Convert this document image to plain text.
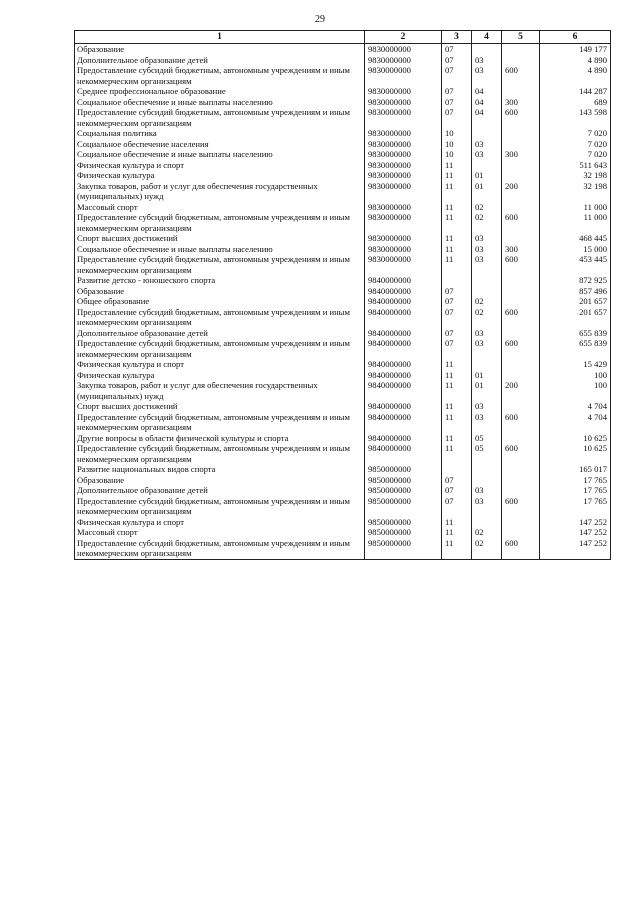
29
1	2	3	4	5	6
Образование	9830000000	07			149 177
Дополнительное образование детей	9830000000	07	03		4 890
Предоставление субсидий бюджетным, автономным учреждениям и иным некоммерческим организациям	9830000000	07	03	600	4 890
Среднее профессиональное образование	9830000000	07	04		144 287
Социальное обеспечение и иные выплаты населению	9830000000	07	04	300	689
Предоставление субсидий бюджетным, автономным учреждениям и иным некоммерческим организациям	9830000000	07	04	600	143 598
Социальная политика	9830000000	10			7 020
Социальное обеспечение населения	9830000000	10	03		7 020
Социальное обеспечение и иные выплаты населению	9830000000	10	03	300	7 020
Физическая культура и спорт	9830000000	11			511 643
Физическая культура	9830000000	11	01		32 198
Закупка товаров, работ и услуг для обеспечения государственных (муниципальных) нужд	9830000000	11	01	200	32 198
Массовый спорт	9830000000	11	02		11 000
Предоставление субсидий бюджетным, автономным учреждениям и иным некоммерческим организациям	9830000000	11	02	600	11 000
Спорт высших достижений	9830000000	11	03		468 445
Социальное обеспечение и иные выплаты населению	9830000000	11	03	300	15 000
Предоставление субсидий бюджетным, автономным учреждениям и иным некоммерческим организациям	9830000000	11	03	600	453 445
Развитие детско - юношеского спорта	9840000000				872 925
Образование	9840000000	07			857 496
Общее образование	9840000000	07	02		201 657
Предоставление субсидий бюджетным, автономным учреждениям и иным некоммерческим организациям	9840000000	07	02	600	201 657
Дополнительное образование детей	9840000000	07	03		655 839
Предоставление субсидий бюджетным, автономным учреждениям и иным некоммерческим организациям	9840000000	07	03	600	655 839
Физическая культура и спорт	9840000000	11			15 429
Физическая культура	9840000000	11	01		100
Закупка товаров, работ и услуг для обеспечения государственных (муниципальных) нужд	9840000000	11	01	200	100
Спорт высших достижений	9840000000	11	03		4 704
Предоставление субсидий бюджетным, автономным учреждениям и иным некоммерческим организациям	9840000000	11	03	600	4 704
Другие вопросы в области физической культуры и спорта	9840000000	11	05		10 625
Предоставление субсидий бюджетным, автономным учреждениям и иным некоммерческим организациям	9840000000	11	05	600	10 625
Развитие национальных видов спорта	9850000000				165 017
Образование	9850000000	07			17 765
Дополнительное образование детей	9850000000	07	03		17 765
Предоставление субсидий бюджетным, автономным учреждениям и иным некоммерческим организациям	9850000000	07	03	600	17 765
Физическая культура и спорт	9850000000	11			147 252
Массовый спорт	9850000000	11	02		147 252
Предоставление субсидий бюджетным, автономным учреждениям и иным некоммерческим организациям	9850000000	11	02	600	147 252
